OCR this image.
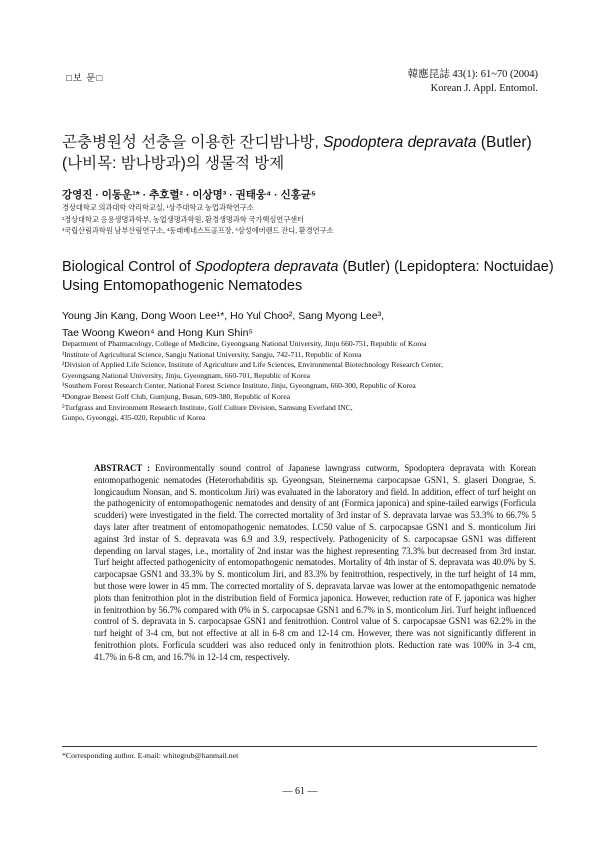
□보 문□	韓應昆誌 43(1): 61~70 (2004)
Korean J. Appl. Entomol.
곤충병원성 선충을 이용한 잔디밤나방, Spodoptera depravata (Butler)
(나비목: 밤나방과)의 생물적 방제
강영진 · 이동운¹* · 추호렬² · 이상명³ · 권태웅⁴ · 신홍균⁵
경상대학교 의과대학 약리학교실, ¹상주대학교 농업과학연구소
²경상대학교 응용생명과학부, 농업생명과학원, 환경생명과학 국가핵심연구센터
³국립산림과학원 남부산림연구소, ⁴동래베네스트골프장, ⁵삼성에버랜드 잔디, 환경연구소
Biological Control of Spodoptera depravata (Butler) (Lepidoptera: Noctuidae)
Using Entomopathogenic Nematodes
Young Jin Kang, Dong Woon Lee¹*, Ho Yul Choo², Sang Myong Lee³,
Tae Woong Kweon⁴ and Hong Kun Shin⁵
Department of Pharmacology, College of Medicine, Gyeongsang National University, Jinju 660-751, Republic of Korea
¹Institute of Agricultural Science, Sangju National University, Sangju, 742-711, Republic of Korea
²Division of Applied Life Science, Institute of Agriculture and Life Sciences, Environmental Biotechnology Research Center,
Gyeongsang National University, Jinju, Gyeongnam, 660-701, Republic of Korea
³Southern Forest Research Center, National Forest Science Institute, Jinju, Gyeongnam, 660-300, Republic of Korea
⁴Dongrae Benest Golf Club, Gumjung, Busan, 609-380, Republic of Korea
⁵Turfgrass and Environment Research Institute, Golf Culture Division, Samsung Everland INC,
Gunpo, Gyeonggi, 435-020, Republic of Korea
ABSTRACT : Environmentally sound control of Japanese lawngrass cutworm, Spodoptera depravata with Korean entomopathogenic nematodes (Heterorhabditis sp. Gyeongsan, Steinernema carpocapsae GSN1, S. glaseri Dongrae, S. longicaudum Nonsan, and S. monticolum Jiri) was evaluated in the laboratory and field. In addition, effect of turf height on the pathogenicity of entomopathogenic nematodes and density of ant (Formica japonica) and spine-tailed earwigs (Forficula scudderi) were investigated in the field. The corrected mortality of 3rd instar of S. depravata larvae was 53.3% to 66.7% 5 days later after treatment of entomopathogenic nematodes. LC50 value of S. carpocapsae GSN1 and S. monticolum Jiri against 3rd instar of S. depravata was 6.9 and 3.9, respectively. Pathogenicity of S. carpocapsae GSN1 was different depending on larval stages, i.e., mortality of 2nd instar was the highest representing 73.3% but decreased from 3rd instar. Turf height affected pathogenicity of entomopathogenic nematodes. Mortality of 4th instar of S. depravata was 40.0% by S. carpocapsae GSN1 and 33.3% by S. monticolum Jiri, and 83.3% by fenitrothion, respectively, in the turf height of 14 mm, but those were lower in 45 mm. The corrected mortality of S. depravata larvae was lower at the entomopathgenic nematode plots than fenitrothion plot in the distribution field of Formica japonica. However, reduction rate of F. japonica was higher in fenitrothion by 56.7% compared with 0% in S. carpocapsae GSN1 and 6.7% in S. monticolum Jiri. Turf height influenced control of S. depravata in S. carpocapsae GSN1 and fenitrothion. Control value of S. carpocapsae GSN1 was 62.2% in the turf height of 3-4 cm, but not effective at all in 6-8 cm and 12-14 cm. However, there was not significantly different in fenitrothion plots. Forficula scudderi was also reduced only in fenitrothion plots. Reduction rate was 100% in 3-4 cm, 41.7% in 6-8 cm, and 16.7% in 12-14 cm, respectively.
*Corresponding author. E-mail: whitegrub@hanmail.net
— 61 —
